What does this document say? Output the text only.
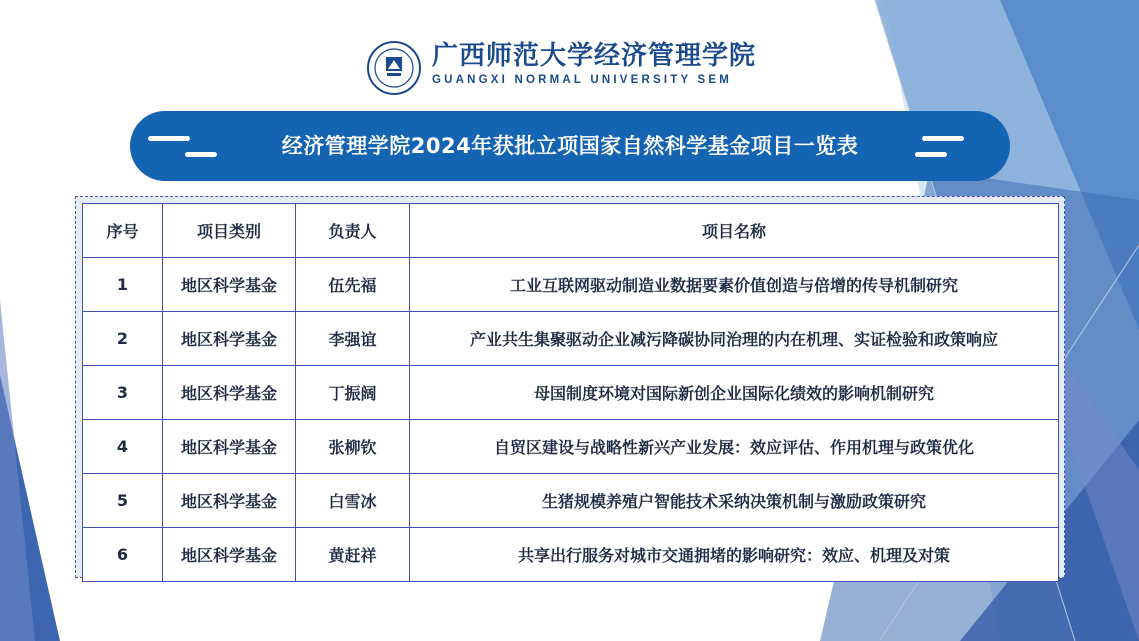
广西师范大学经济管理学院
GUANGXI NORMAL UNIVERSITY SEM
经济管理学院2024年获批立项国家自然科学基金项目一览表
序号	项目类别	负责人	项目名称
1	地区科学基金	伍先福	工业互联网驱动制造业数据要素价值创造与倍增的传导机制研究
2	地区科学基金	李强谊	产业共生集聚驱动企业减污降碳协同治理的内在机理、实证检验和政策响应
3	地区科学基金	丁振阔	母国制度环境对国际新创企业国际化绩效的影响机制研究
4	地区科学基金	张柳钦	自贸区建设与战略性新兴产业发展：效应评估、作用机理与政策优化
5	地区科学基金	白雪冰	生猪规模养殖户智能技术采纳决策机制与激励政策研究
6	地区科学基金	黄赶祥	共享出行服务对城市交通拥堵的影响研究：效应、机理及对策
